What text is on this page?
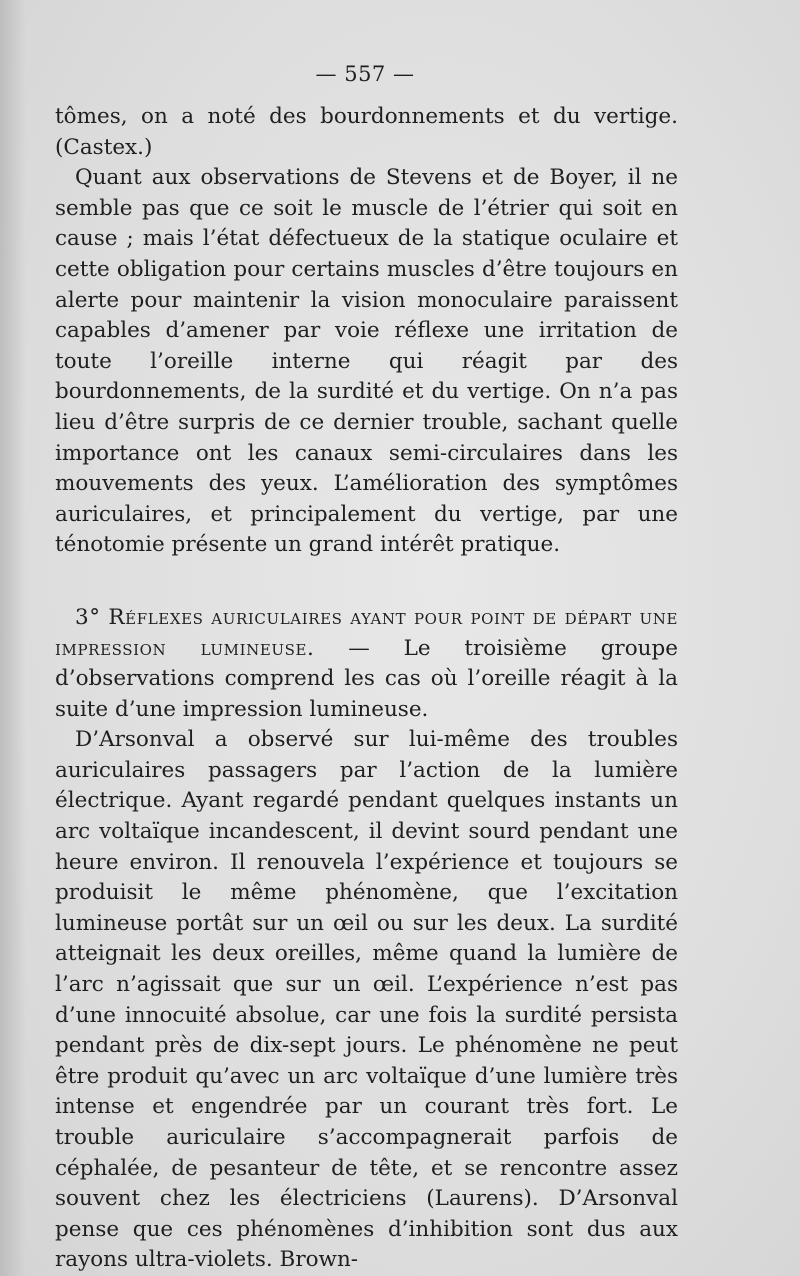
— 557 —

tômes, on a noté des bourdonnements et du vertige. (Castex.)

Quant aux observations de Stevens et de Boyer, il ne semble pas que ce soit le muscle de l’étrier qui soit en cause ; mais l’état défectueux de la statique oculaire et cette obligation pour certains muscles d’être toujours en alerte pour maintenir la vision monoculaire paraissent capables d’amener par voie réflexe une irritation de toute l’oreille interne qui réagit par des bourdonnements, de la surdité et du vertige. On n’a pas lieu d’être surpris de ce dernier trouble, sachant quelle importance ont les canaux semi-circulaires dans les mouvements des yeux. L’amélioration des symptômes auriculaires, et principalement du vertige, par une ténotomie présente un grand intérêt pratique.

3° Réflexes auriculaires ayant pour point de départ une impression lumineuse. — Le troisième groupe d’observations comprend les cas où l’oreille réagit à la suite d’une impression lumineuse.

D’Arsonval a observé sur lui-même des troubles auriculaires passagers par l’action de la lumière électrique. Ayant regardé pendant quelques instants un arc voltaïque incandescent, il devint sourd pendant une heure environ. Il renouvela l’expérience et toujours se produisit le même phénomène, que l’excitation lumineuse portât sur un œil ou sur les deux. La surdité atteignait les deux oreilles, même quand la lumière de l’arc n’agissait que sur un œil. L’expérience n’est pas d’une innocuité absolue, car une fois la surdité persista pendant près de dix-sept jours. Le phénomène ne peut être produit qu’avec un arc voltaïque d’une lumière très intense et engendrée par un courant très fort. Le trouble auriculaire s’accompagnerait parfois de céphalée, de pesanteur de tête, et se rencontre assez souvent chez les électriciens (Laurens). D’Arsonval pense que ces phénomènes d’inhibition sont dus aux rayons ultra-violets. Brown-
